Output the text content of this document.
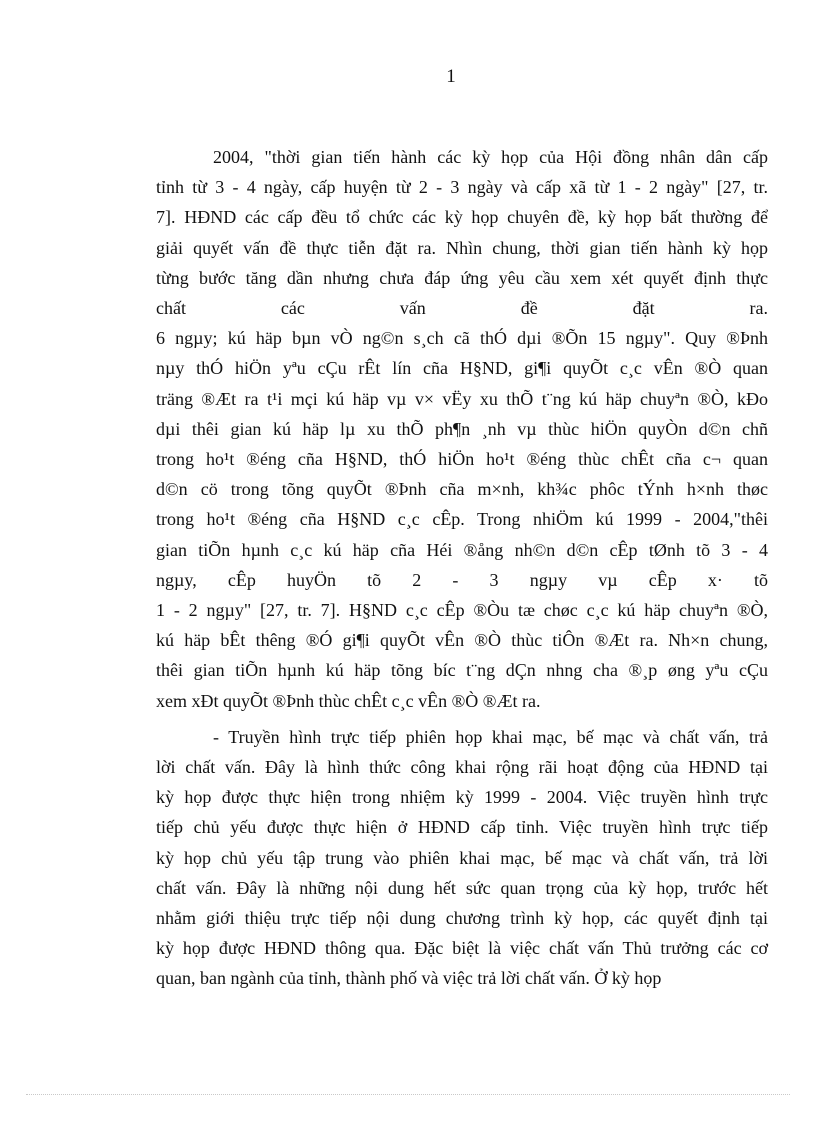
1

2004, "thời gian tiến hành các kỳ họp của Hội đồng nhân dân cấp
tỉnh từ 3 - 4 ngày, cấp huyện từ 2 - 3 ngày và cấp xã từ 1 - 2 ngày" [27, tr.
7]. HĐND các cấp đều tổ chức các kỳ họp chuyên đề, kỳ họp bất thường để
giải quyết vấn đề thực tiễn đặt ra. Nhìn chung, thời gian tiến hành kỳ họp
từng bước tăng dần nhưng chưa đáp ứng yêu cầu xem xét quyết định thực
chất các vấn đề đặt ra.
6 ngµy; kú häp bµn vÒ ng©n s¸ch cã thÓ dµi ®Õn 15 ngµy". Quy ®Þnh
nµy thÓ hiÖn yªu cÇu rÊt lín cña H§ND, gi¶i quyÕt c¸c vÊn ®Ò quan
träng ®Æt ra t¹i mçi kú häp vµ v× vËy xu thÕ t¨ng kú häp chuyªn ®Ò, kÐo
dµi thêi gian kú häp lµ xu thÕ ph¶n ¸nh vµ thùc hiÖn quyÒn d©n chñ
trong ho¹t ®éng cña H§ND, thÓ hiÖn ho¹t ®éng thùc chÊt cña c¬ quan
d©n cö trong tõng quyÕt ®Þnh cña m×nh, kh¾c phôc tÝnh h×nh thøc
trong ho¹t ®éng cña H§ND c¸c cÊp. Trong nhiÖm kú 1999 - 2004,"thêi
gian tiÕn hµnh c¸c kú häp cña Héi ®ång nh©n d©n cÊp tØnh tõ 3 - 4
ngµy, cÊp huyÖn tõ 2 - 3 ngµy vµ cÊp x· tõ
1 - 2 ngµy" [27, tr. 7]. H§ND c¸c cÊp ®Òu tæ chøc c¸c kú häp chuyªn ®Ò,
kú häp bÊt thêng ®Ó gi¶i quyÕt vÊn ®Ò thùc tiÔn ®Æt ra. Nh×n chung,
thêi gian tiÕn hµnh kú häp tõng bíc t¨ng dÇn nhng cha ®¸p øng yªu cÇu
xem xÐt quyÕt ®Þnh thùc chÊt c¸c vÊn ®Ò ®Æt ra.

- Truyền hình trực tiếp phiên họp khai mạc, bế mạc và chất vấn, trả
lời chất vấn. Đây là hình thức công khai rộng rãi hoạt động của HĐND tại
kỳ họp được thực hiện trong nhiệm kỳ 1999 - 2004. Việc truyền hình trực
tiếp chủ yếu được thực hiện ở HĐND cấp tỉnh. Việc truyền hình trực tiếp
kỳ họp chủ yếu tập trung vào phiên khai mạc, bế mạc và chất vấn, trả lời
chất vấn. Đây là những nội dung hết sức quan trọng của kỳ họp, trước hết
nhằm giới thiệu trực tiếp nội dung chương trình kỳ họp, các quyết định tại
kỳ họp được HĐND thông qua. Đặc biệt là việc chất vấn Thủ trưởng các cơ
quan, ban ngành của tỉnh, thành phố và việc trả lời chất vấn. Ở kỳ họp
